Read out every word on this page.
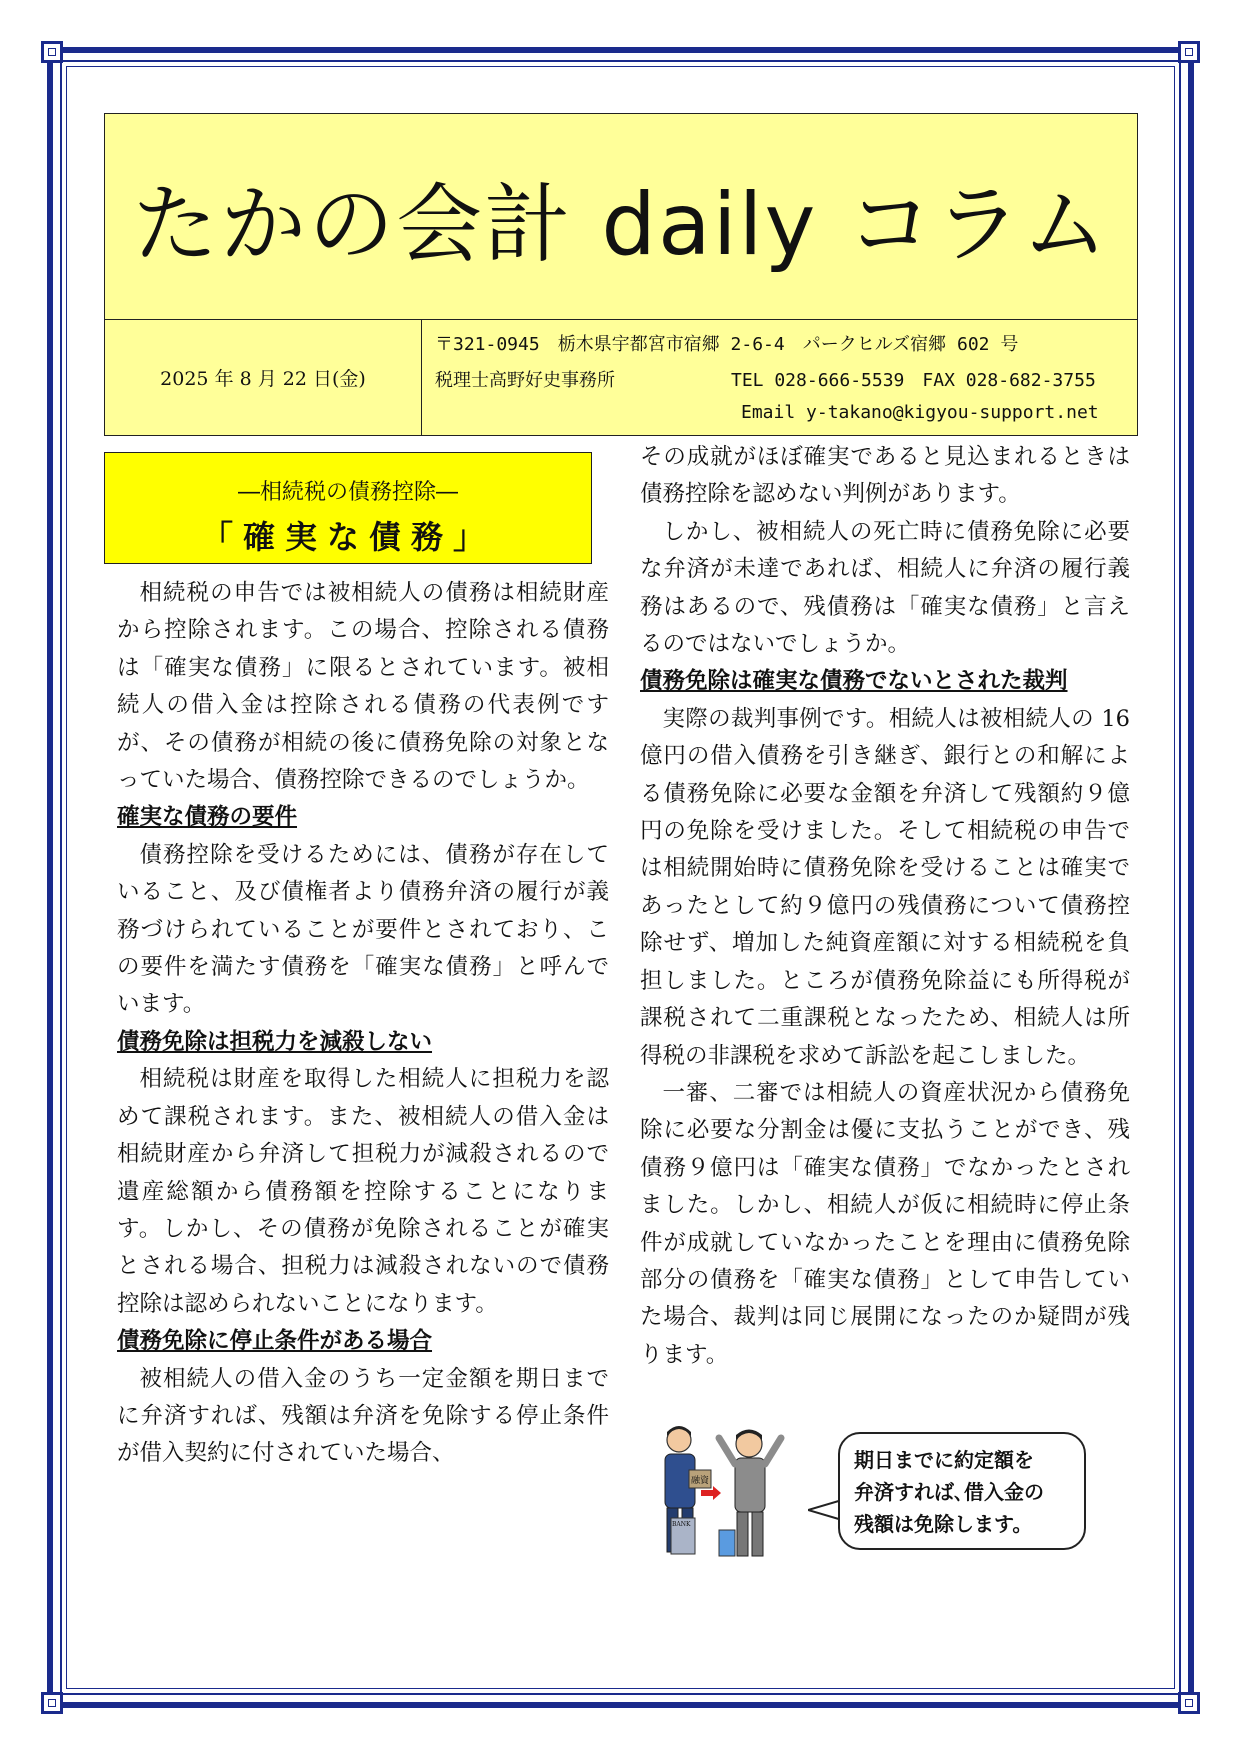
たかの会計 daily コラム
2025 年 8 月 22 日(金)
〒321-0945　栃木県宇都宮市宿郷 2-6-4　パークヒルズ宿郷 602 号
税理士高野好史事務所	TEL 028-666-5539　FAX 028-682-3755
Email y-takano@kigyou-support.net
―相続税の債務控除―
「確実な債務」

相続税の申告では被相続人の債務は相続財産から控除されます。この場合、控除される債務は「確実な債務」に限るとされています。被相続人の借入金は控除される債務の代表例ですが、その債務が相続の後に債務免除の対象となっていた場合、債務控除できるのでしょうか。

確実な債務の要件

債務控除を受けるためには、債務が存在していること、及び債権者より債務弁済の履行が義務づけられていることが要件とされており、この要件を満たす債務を「確実な債務」と呼んでいます。

債務免除は担税力を減殺しない

相続税は財産を取得した相続人に担税力を認めて課税されます。また、被相続人の借入金は相続財産から弁済して担税力が減殺されるので遺産総額から債務額を控除することになります。しかし、その債務が免除されることが確実とされる場合、担税力は減殺されないので債務控除は認められないことになります。

債務免除に停止条件がある場合

被相続人の借入金のうち一定金額を期日までに弁済すれば、残額は弁済を免除する停止条件が借入契約に付されていた場合、

その成就がほぼ確実であると見込まれるときは債務控除を認めない判例があります。

しかし、被相続人の死亡時に債務免除に必要な弁済が未達であれば、相続人に弁済の履行義務はあるので、残債務は「確実な債務」と言えるのではないでしょうか。

債務免除は確実な債務でないとされた裁判

実際の裁判事例です。相続人は被相続人の 16 億円の借入債務を引き継ぎ、銀行との和解による債務免除に必要な金額を弁済して残額約９億円の免除を受けました。そして相続税の申告では相続開始時に債務免除を受けることは確実であったとして約９億円の残債務について債務控除せず、増加した純資産額に対する相続税を負担しました。ところが債務免除益にも所得税が課税されて二重課税となったため、相続人は所得税の非課税を求めて訴訟を起こしました。

一審、二審では相続人の資産状況から債務免除に必要な分割金は優に支払うことができ、残債務９億円は「確実な債務」でなかったとされました。しかし、相続人が仮に相続時に停止条件が成就していなかったことを理由に債務免除部分の債務を「確実な債務」として申告していた場合、裁判は同じ展開になったのか疑問が残ります。

融資
BANK
期日までに約定額を
弁済すれば､借入金の
残額は免除します。
